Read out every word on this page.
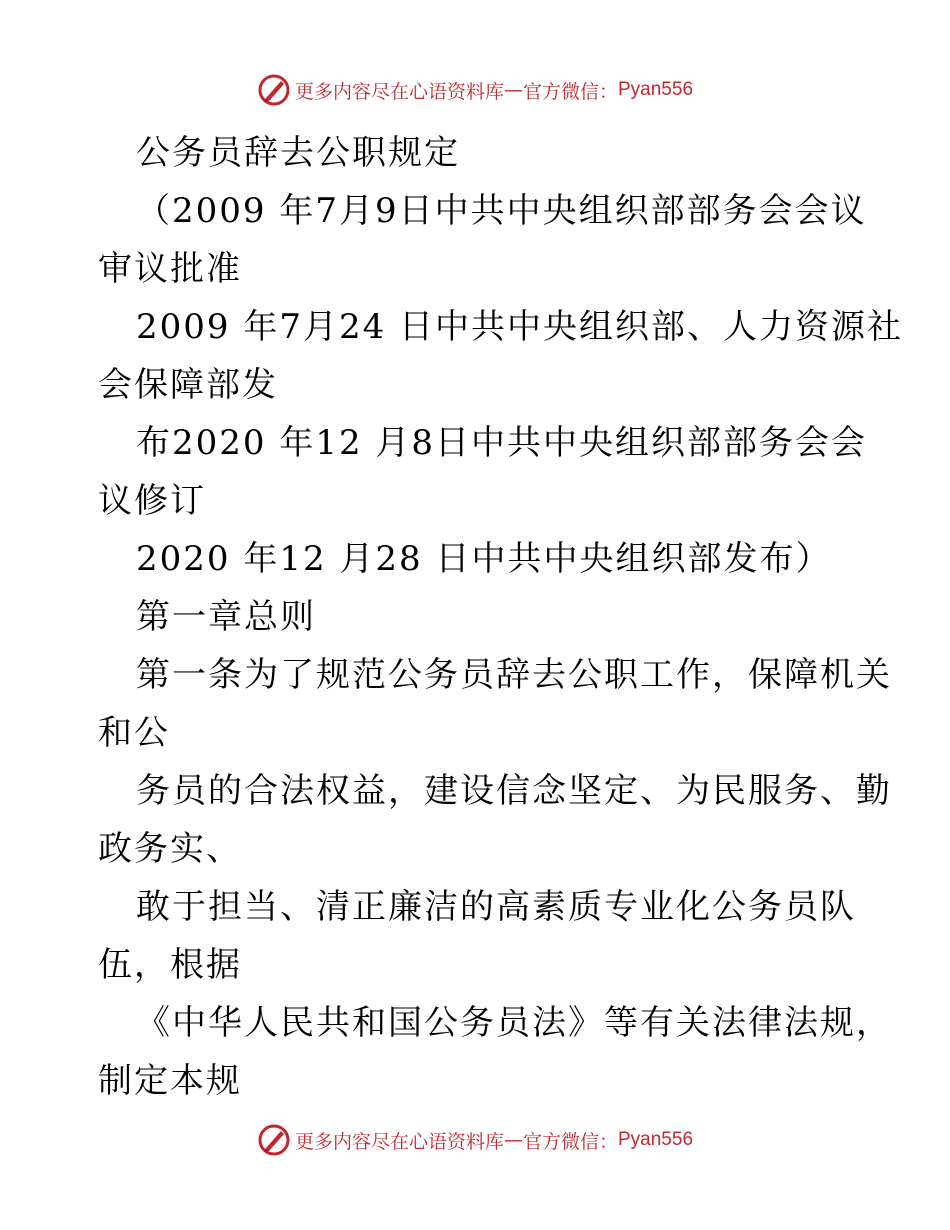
更多内容尽在心语资料库 — 官方微信： Pyan556
公务员辞去公职规定
（2009 年7月9日中共中央组织部部务会会议
审议批准
2009 年7月24 日中共中央组织部、人力资源社
会保障部发
布2020 年12 月8日中共中央组织部部务会会
议修订
2020 年12 月28 日中共中央组织部发布）
第一章总则
第一条为了规范公务员辞去公职工作，保障机关
和公
务员的合法权益，建设信念坚定、为民服务、勤
政务实、
敢于担当、清正廉洁的高素质专业化公务员队
伍，根据
《中华人民共和国公务员法》等有关法律法规，
制定本规
更多内容尽在心语资料库 — 官方微信： Pyan556
